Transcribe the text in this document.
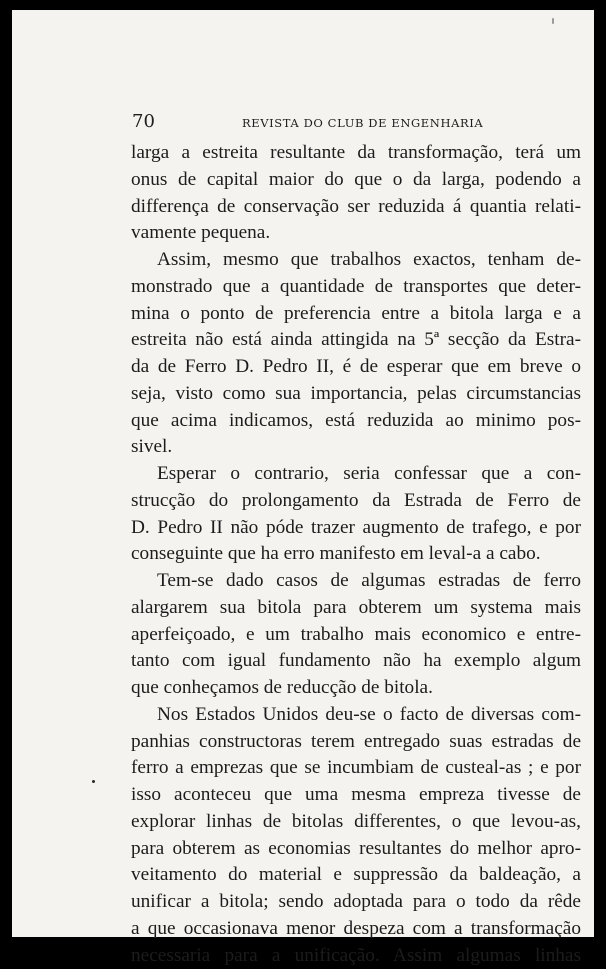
70	REVISTA DO CLUB DE ENGENHARIA

larga a estreita resultante da transformação, terá um
onus de capital maior do que o da larga, podendo a
differença de conservação ser reduzida á quantia relati-
vamente pequena.

Assim, mesmo que trabalhos exactos, tenham de-
monstrado que a quantidade de transportes que deter-
mina o ponto de preferencia entre a bitola larga e a
estreita não está ainda attingida na 5ª secção da Estra-
da de Ferro D. Pedro II, é de esperar que em breve o
seja, visto como sua importancia, pelas circumstancias
que acima indicamos, está reduzida ao minimo pos-
sivel.

Esperar o contrario, seria confessar que a con-
strucção do prolongamento da Estrada de Ferro de
D. Pedro II não póde trazer augmento de trafego, e por
conseguinte que ha erro manifesto em leval-a a cabo.

Tem-se dado casos de algumas estradas de ferro
alargarem sua bitola para obterem um systema mais
aperfeiçoado, e um trabalho mais economico e entre-
tanto com igual fundamento não ha exemplo algum
que conheçamos de reducção de bitola.

Nos Estados Unidos deu-se o facto de diversas com-
panhias constructoras terem entregado suas estradas de
ferro a emprezas que se incumbiam de custeal-as ; e por
isso aconteceu que uma mesma empreza tivesse de
explorar linhas de bitolas differentes, o que levou-as,
para obterem as economias resultantes do melhor apro-
veitamento do material e suppressão da baldeação, a
unificar a bitola; sendo adoptada para o todo da rêde
a que occasionava menor despeza com a transformação
necessaria para a unificação. Assim algumas linhas
